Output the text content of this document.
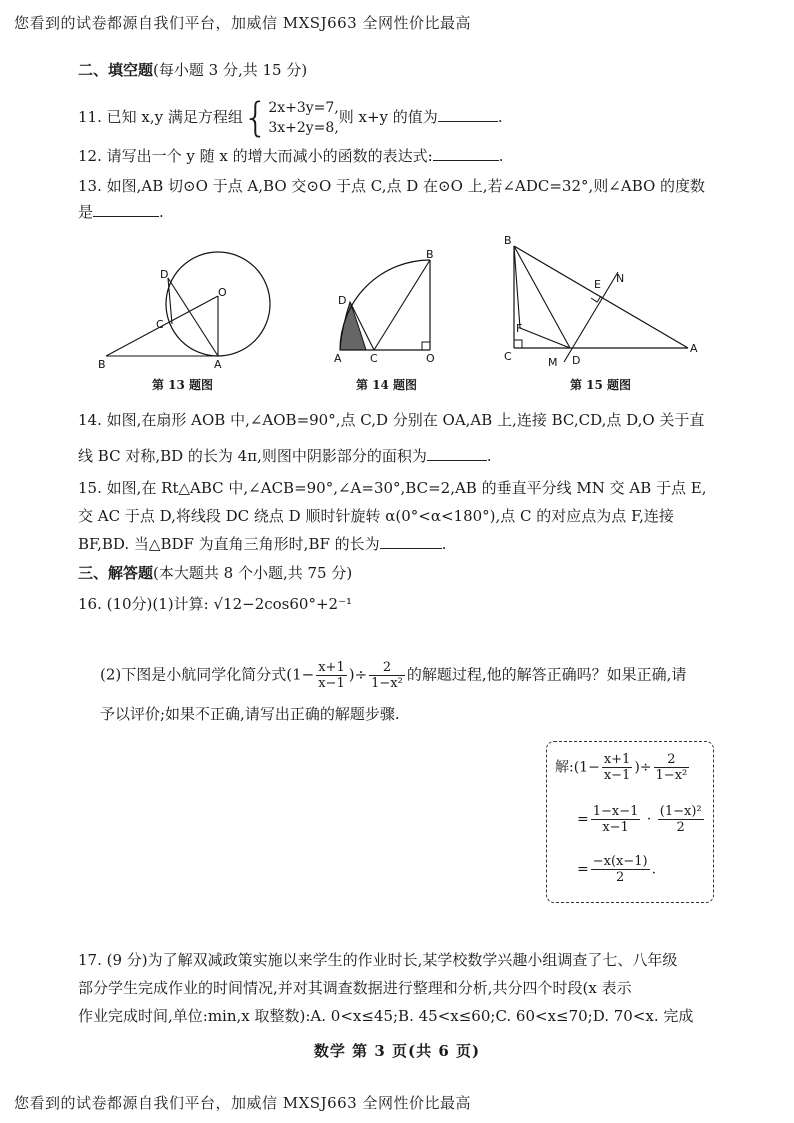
您看到的试卷都源自我们平台，加威信 MXSJ663 全网性价比最高
二、填空题(每小题 3 分,共 15 分)
11. 已知 x,y 满足方程组{ 2x+3y=7,
3x+2y=8,
则 x+y 的值为	.
12. 请写出一个 y 随 x 的增大而减小的函数的表达式:	.
13. 如图,AB 切⊙O 于点 A,BO 交⊙O 于点 C,点 D 在⊙O 上,若∠ADC=32°,则∠ABO 的度数
是	.
D
O
C
B	A
第 13 题图
B
D
A	C	O
第 14 题图
B
E N
F
C	M D
A
第 15 题图
14. 如图,在扇形 AOB 中,∠AOB=90°,点 C,D 分别在 OA,AB 上,连接 BC,CD,点 D,O 关于直
线 BC 对称,BD 的长为 4π,则图中阴影部分的面积为	.
15. 如图,在 Rt△ABC 中,∠ACB=90°,∠A=30°,BC=2,AB 的垂直平分线 MN 交 AB 于点 E,
交 AC 于点 D,将线段 DC 绕点 D 顺时针旋转 α(0°<α<180°),点 C 的对应点为点 F,连接
BF,BD. 当△BDF 为直角三角形时,BF 的长为	.
三、解答题(本大题共 8 个小题,共 75 分)
16. (10分)(1)计算: √12−2cos60°+2⁻¹
(2)下图是小航同学化简分式($1- \frac{x+1}{x-1}$ )÷ $\frac{2}{\text{1−x²}}$ 的解题过程,他的解答正确吗？如果正确,请
予以评价;如果不正确,请写出正确的解题步骤.
解:(1− $\frac{x+1}{x-1}$ )÷ $\frac{2}{\text{1−x²}}$
= $\frac{1-x-1}{x-1} \cdot \frac{\text{(1−x)²}}{2}$
= $\frac{-x(x-1)}{2}$ .
17. (9 分)为了解双减政策实施以来学生的作业时长,某学校数学兴趣小组调查了七、八年级
部分学生完成作业的时间情况,并对其调查数据进行整理和分析,共分四个时段(x 表示
作业完成时间,单位:min,x 取整数):A. 0<x≤45;B. 45<x≤60;C. 60<x≤70;D. 70<x. 完成
数学 第 3 页(共 6 页)
您看到的试卷都源自我们平台，加威信 MXSJ663 全网性价比最高
